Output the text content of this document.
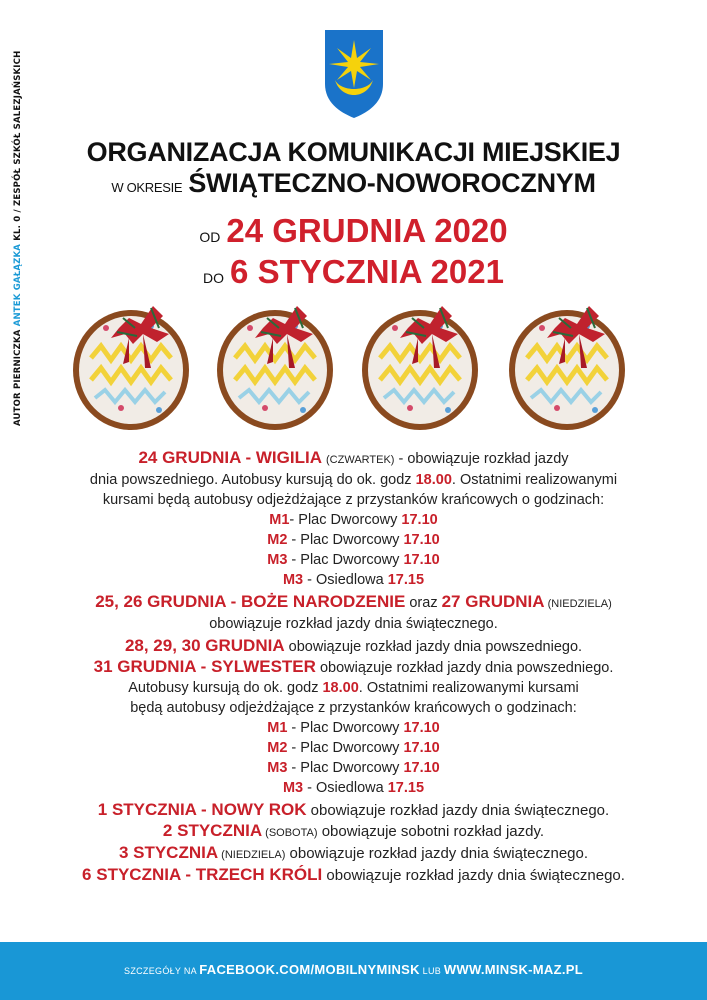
AUTOR PIERNICZKA ANTEK GAŁĄZKA KL. 0 / ZESPÓŁ SZKÓŁ SALEZJAŃSKICH	ORGANIZACJA KOMUNIKACJI MIEJSKIEJ
W OKRESIE ŚWIĄTECZNO-NOWOROCZNYM
OD 24 GRUDNIA 2020
DO 6 STYCZNIA 2021
24 GRUDNIA - WIGILIA (CZWARTEK) - obowiązuje rozkład jazdy
dnia powszedniego. Autobusy kursują do ok. godz 18.00. Ostatnimi realizowanymi
kursami będą autobusy odjeżdżające z przystanków krańcowych o godzinach:
M1- Plac Dworcowy 17.10
M2 - Plac Dworcowy 17.10
M3 - Plac Dworcowy 17.10
M3 - Osiedlowa 17.15
25, 26 GRUDNIA - BOŻE NARODZENIE oraz 27 GRUDNIA (NIEDZIELA)
obowiązuje rozkład jazdy dnia świątecznego.
28, 29, 30 GRUDNIA obowiązuje rozkład jazdy dnia powszedniego.
31 GRUDNIA - SYLWESTER obowiązuje rozkład jazdy dnia powszedniego.
Autobusy kursują do ok. godz 18.00. Ostatnimi realizowanymi kursami
będą autobusy odjeżdżające z przystanków krańcowych o godzinach:
M1 - Plac Dworcowy 17.10
M2 - Plac Dworcowy 17.10
M3 - Plac Dworcowy 17.10
M3 - Osiedlowa 17.15
1 STYCZNIA - NOWY ROK obowiązuje rozkład jazdy dnia świątecznego.
2 STYCZNIA (SOBOTA) obowiązuje sobotni rozkład jazdy.
3 STYCZNIA (NIEDZIELA) obowiązuje rozkład jazdy dnia świątecznego.
6 STYCZNIA - TRZECH KRÓLI obowiązuje rozkład jazdy dnia świątecznego.
SZCZEGÓŁY NA FACEBOOK.COM/MOBILNYMINSK LUB WWW.MINSK-MAZ.PL
